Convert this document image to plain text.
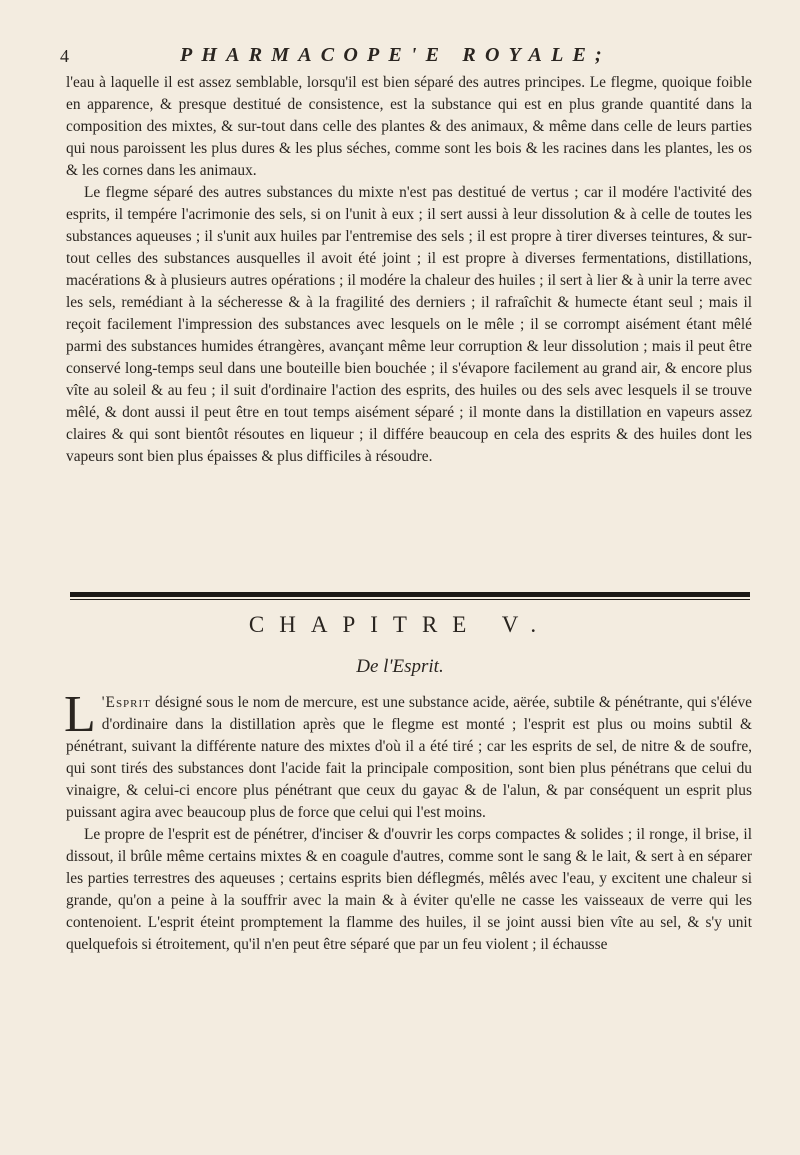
4	PHARMACOPE'E ROYALE;

l'eau à laquelle il est assez semblable, lorsqu'il est bien séparé des autres principes. Le flegme, quoique foible en apparence, & presque destitué de consistence, est la substance qui est en plus grande quantité dans la composition des mixtes, & sur-tout dans celle des plantes & des animaux, & même dans celle de leurs parties qui nous paroissent les plus dures & les plus séches, comme sont les bois & les racines dans les plantes, les os & les cornes dans les animaux.

Le flegme séparé des autres substances du mixte n'est pas destitué de vertus ; car il modére l'activité des esprits, il tempére l'acrimonie des sels, si on l'unit à eux ; il sert aussi à leur dissolution & à celle de toutes les substances aqueuses ; il s'unit aux huiles par l'entremise des sels ; il est propre à tirer diverses teintures, & sur-tout celles des substances ausquelles il avoit été joint ; il est propre à diverses fermentations, distillations, macérations & à plusieurs autres opérations ; il modére la chaleur des huiles ; il sert à lier & à unir la terre avec les sels, remédiant à la sécheresse & à la fragilité des derniers ; il rafraîchit & humecte étant seul ; mais il reçoit facilement l'impression des substances avec lesquels on le mêle ; il se corrompt aisément étant mêlé parmi des substances humides étrangères, avançant même leur corruption & leur dissolution ; mais il peut être conservé long-temps seul dans une bouteille bien bouchée ; il s'évapore facilement au grand air, & encore plus vîte au soleil & au feu ; il suit d'ordinaire l'action des esprits, des huiles ou des sels avec lesquels il se trouve mêlé, & dont aussi il peut être en tout temps aisément séparé ; il monte dans la distillation en vapeurs assez claires & qui sont bientôt résoutes en liqueur ; il différe beaucoup en cela des esprits & des huiles dont les vapeurs sont bien plus épaisses & plus difficiles à résoudre.

CHAPITRE V.
De l'Esprit.

L 'Esprit désigné sous le nom de mercure, est une substance acide, aërée, subtile & pénétrante, qui s'éléve d'ordinaire dans la distillation après que le flegme est monté ; l'esprit est plus ou moins subtil & pénétrant, suivant la différente nature des mixtes d'où il a été tiré ; car les esprits de sel, de nitre & de soufre, qui sont tirés des substances dont l'acide fait la principale composition, sont bien plus pénétrans que celui du vinaigre, & celui-ci encore plus pénétrant que ceux du gayac & de l'alun, & par conséquent un esprit plus puissant agira avec beaucoup plus de force que celui qui l'est moins.

Le propre de l'esprit est de pénétrer, d'inciser & d'ouvrir les corps compactes & solides ; il ronge, il brise, il dissout, il brûle même certains mixtes & en coagule d'autres, comme sont le sang & le lait, & sert à en séparer les parties terrestres des aqueuses ; certains esprits bien déflegmés, mêlés avec l'eau, y excitent une chaleur si grande, qu'on a peine à la souffrir avec la main & à éviter qu'elle ne casse les vaisseaux de verre qui les contenoient. L'esprit éteint promptement la flamme des huiles, il se joint aussi bien vîte au sel, & s'y unit quelquefois si étroitement, qu'il n'en peut être séparé que par un feu violent ; il échausse
